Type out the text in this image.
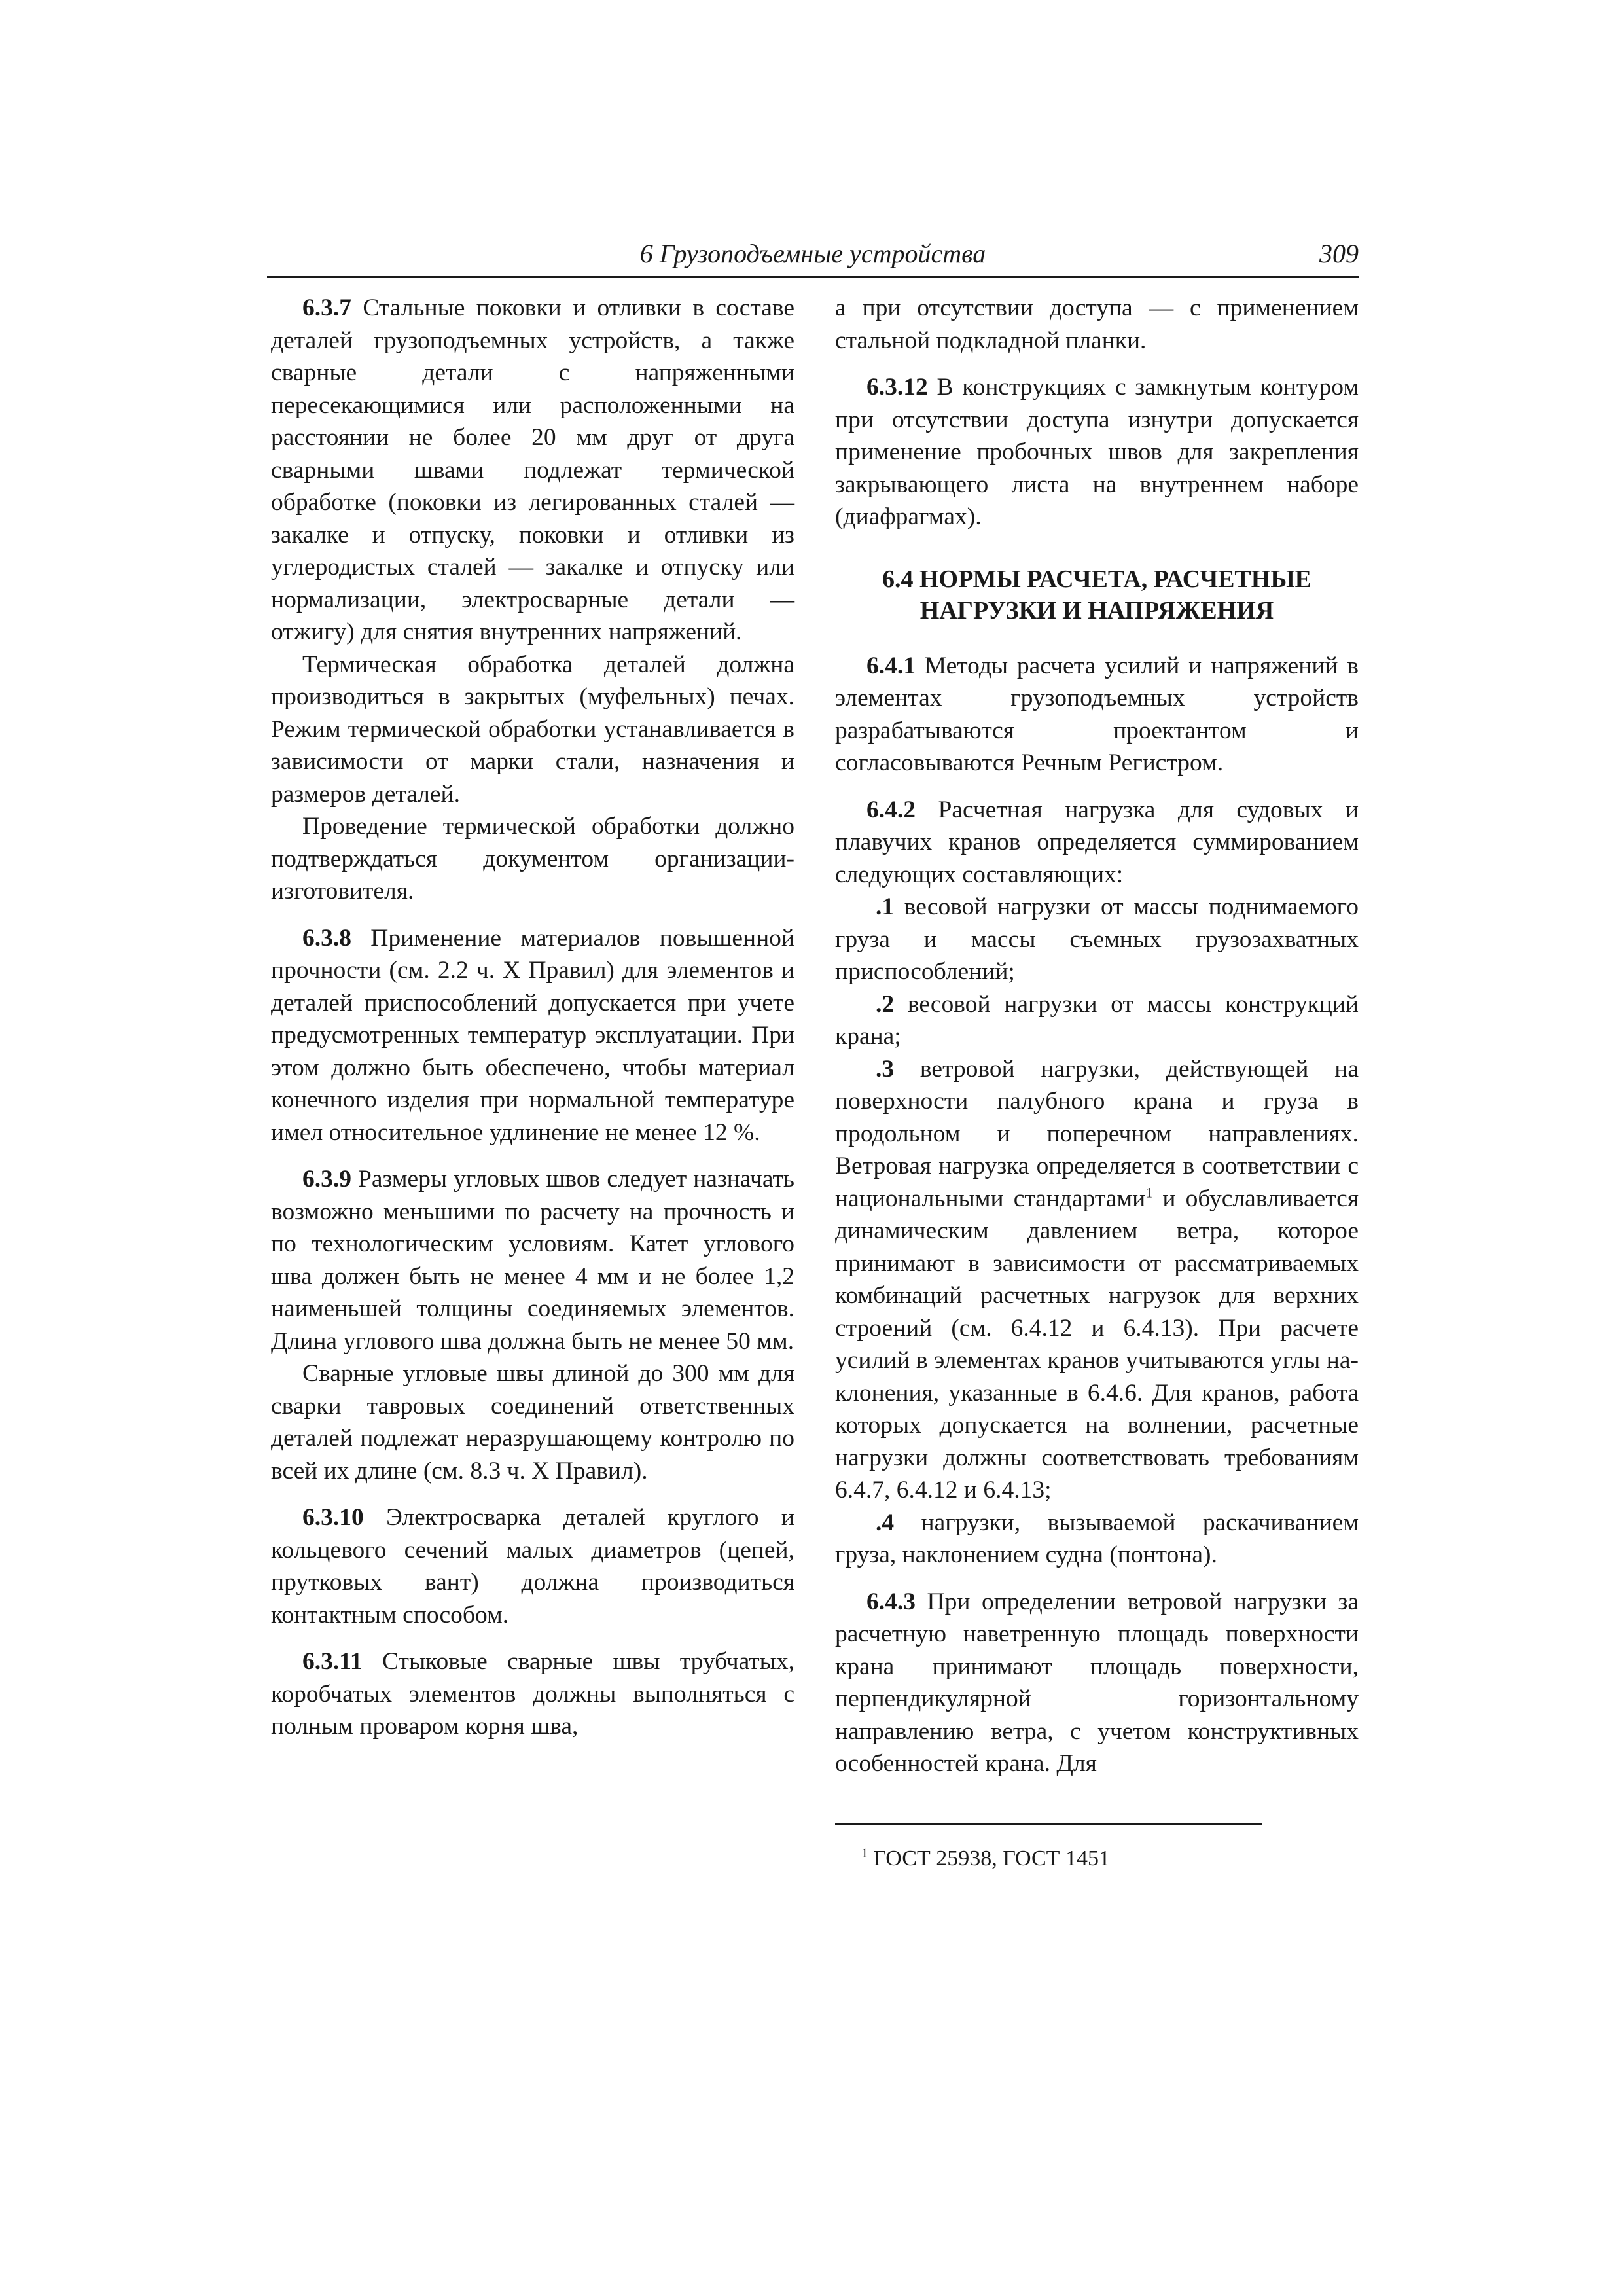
6 Грузоподъемные устройства	309

6.3.7 Стальные поковки и отливки в составе деталей грузоподъемных устройств, а также сварные детали с напряженными пересекающимися или расположенными на расстоянии не более 20 мм друг от друга сварными швами подлежат термической обработке (поковки из легированных сталей — закалке и отпуску, поковки и отливки из углеродистых сталей — закалке и отпуску или нормализации, электросварные детали — отжигу) для снятия внутренних напряжений.

Термическая обработка деталей должна производиться в закрытых (муфельных) печах. Режим термической обработки устанавливается в зависимости от марки стали, назначения и размеров деталей.

Проведение термической обработки должно подтверждаться документом организации-изготовителя.

6.3.8 Применение материалов повышенной прочности (см. 2.2 ч. X Правил) для элементов и деталей приспособлений допускается при учете предусмотренных температур эксплуатации. При этом должно быть обеспечено, чтобы материал конечного изделия при нормальной температуре имел относительное удлинение не менее 12 %.

6.3.9 Размеры угловых швов следует назначать возможно меньшими по расчету на прочность и по технологическим условиям. Катет углового шва должен быть не менее 4 мм и не более 1,2 наименьшей толщины соединяемых элементов. Длина углового шва должна быть не менее 50 мм.

Сварные угловые швы длиной до 300 мм для сварки тавровых соединений ответственных деталей подлежат неразрушающему контролю по всей их длине (см. 8.3 ч. X Правил).

6.3.10 Электросварка деталей круглого и кольцевого сечений малых диаметров (цепей, прутковых вант) должна производиться контактным способом.

6.3.11 Стыковые сварные швы трубчатых, коробчатых элементов должны выполняться с полным проваром корня шва,

а при отсутствии доступа — с применением стальной подкладной планки.

6.3.12 В конструкциях с замкнутым контуром при отсутствии доступа изнутри допускается применение пробочных швов для закрепления закрывающего листа на внутреннем наборе (диафрагмах).

6.4 НОРМЫ РАСЧЕТА, РАСЧЕТНЫЕ НАГРУЗКИ И НАПРЯЖЕНИЯ

6.4.1 Методы расчета усилий и напряжений в элементах грузоподъемных устройств разрабатываются проектантом и согласовываются Речным Регистром.

6.4.2 Расчетная нагрузка для судовых и плавучих кранов определяется суммированием следующих составляющих:

.1 весовой нагрузки от массы поднимаемого груза и массы съемных грузозахватных приспособлений;

.2 весовой нагрузки от массы конструкций крана;

.3 ветровой нагрузки, действующей на поверхности палубного крана и груза в продольном и поперечном направлениях. Ветровая нагрузка определяется в соответствии с национальными стандартами$^1$ и обуславливается динамическим давлением ветра, которое принимают в зависимости от рассматриваемых комбинаций расчетных нагрузок для верхних строений (см. 6.4.12 и 6.4.13). При расчете усилий в элементах кранов учитываются углы наклонения, указанные в 6.4.6. Для кранов, работа которых допускается на волнении, расчетные нагрузки должны соответствовать требованиям 6.4.7, 6.4.12 и 6.4.13;

.4 нагрузки, вызываемой раскачиванием груза, наклонением судна (понтона).

6.4.3 При определении ветровой нагрузки за расчетную наветренную площадь поверхности крана принимают площадь поверхности, перпендикулярной горизонтальному направлению ветра, с учетом конструктивных особенностей крана. Для

$^1$ ГОСТ 25938, ГОСТ 1451
